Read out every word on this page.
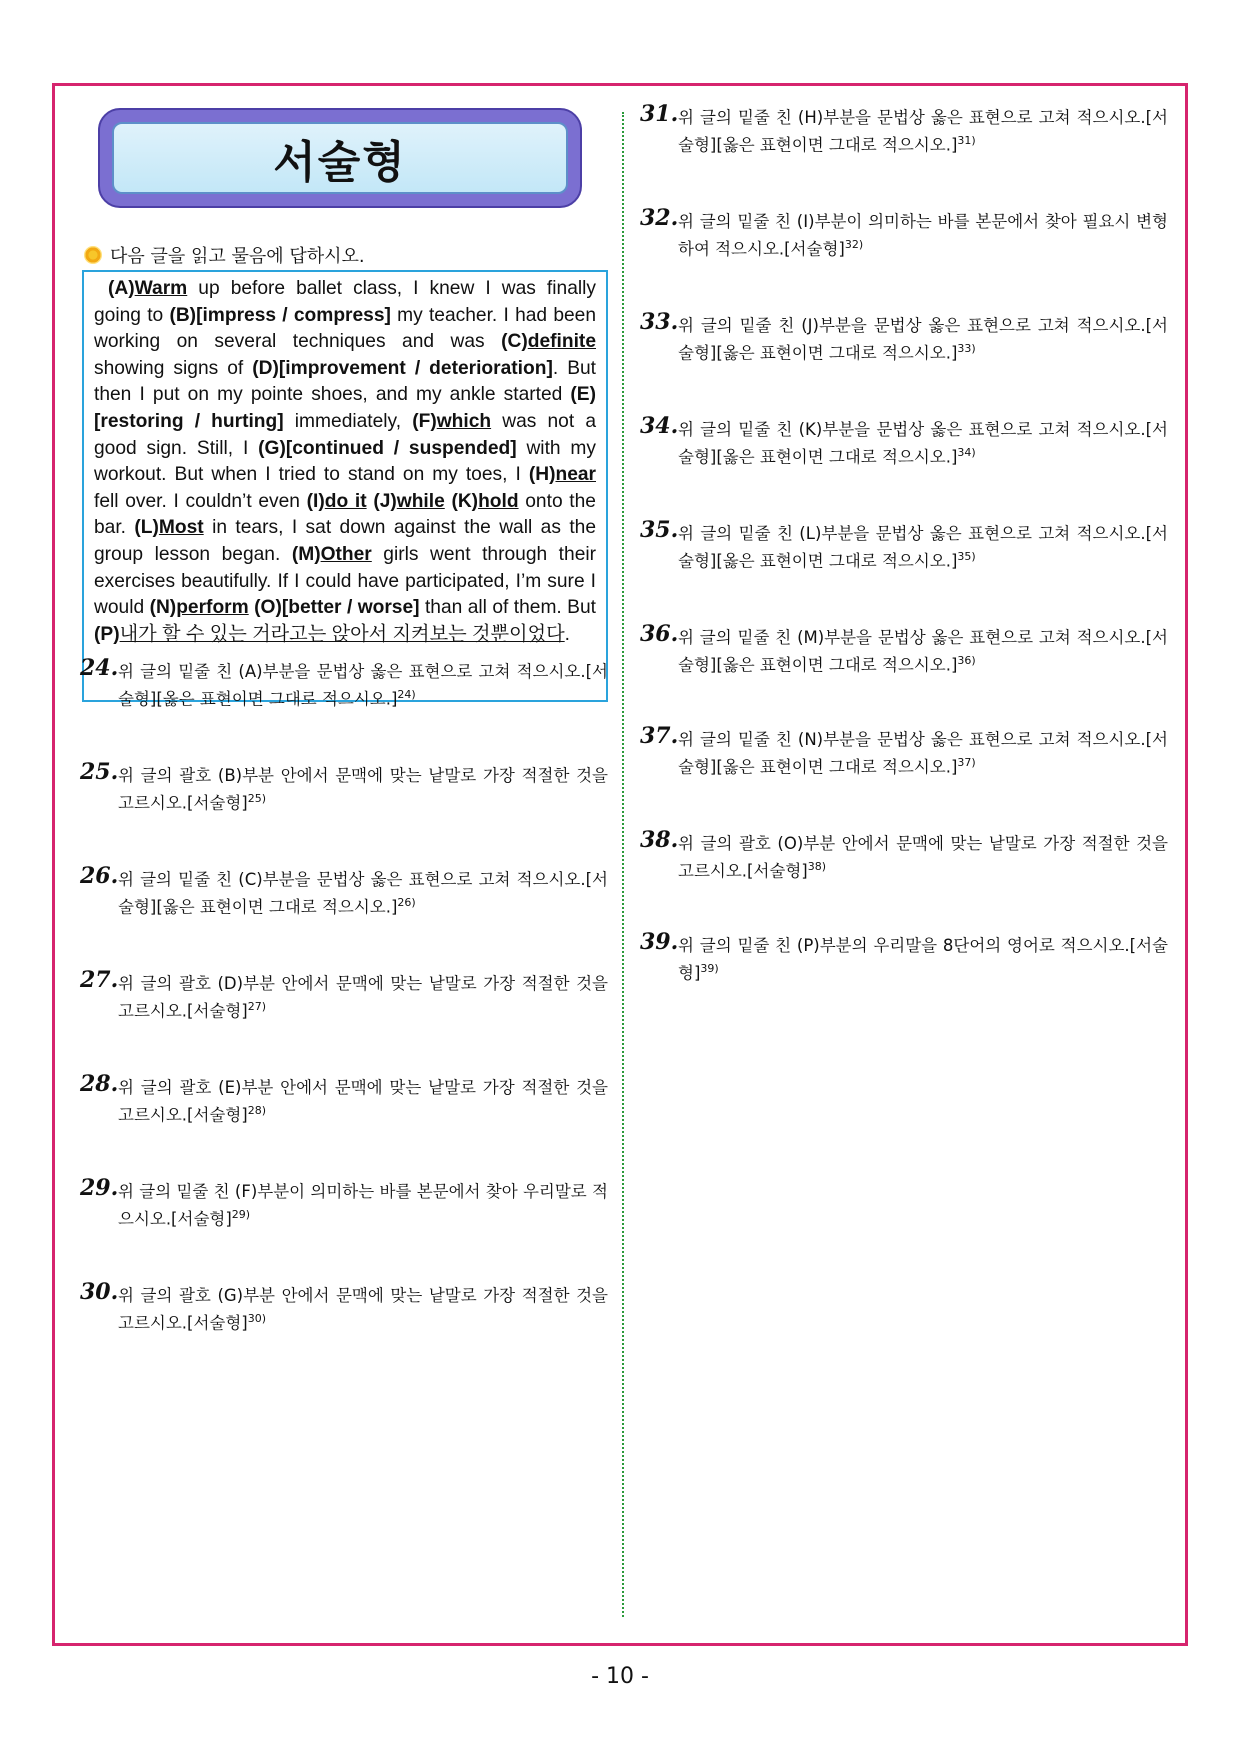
서술형
다음 글을 읽고 물음에 답하시오.
(A)Warm up before ballet class, I knew I was finally going to (B)[impress / compress] my teacher. I had been working on several techniques and was (C)definite showing signs of (D)[improvement / deterioration]. But then I put on my pointe shoes, and my ankle started (E)[restoring / hurting] immediately, (F)which was not a good sign. Still, I (G)[continued / suspended] with my workout. But when I tried to stand on my toes, I (H)near fell over. I couldn’t even (I)do it (J)while (K)hold onto the bar. (L)Most in tears, I sat down against the wall as the group lesson began. (M)Other girls went through their exercises beautifully. If I could have participated, I’m sure I would (N)perform (O)[better / worse] than all of them. But (P)내가 할 수 있는 거라고는 앉아서 지켜보는 것뿐이었다.
24. 위 글의 밑줄 친 (A)부분을 문법상 옳은 표현으로 고쳐 적으시오.[서술형][옳은 표현이면 그대로 적으시오.]$^{24)}$
25. 위 글의 괄호 (B)부분 안에서 문맥에 맞는 낱말로 가장 적절한 것을 고르시오.[서술형]$^{25)}$
26. 위 글의 밑줄 친 (C)부분을 문법상 옳은 표현으로 고쳐 적으시오.[서술형][옳은 표현이면 그대로 적으시오.]$^{26)}$
27. 위 글의 괄호 (D)부분 안에서 문맥에 맞는 낱말로 가장 적절한 것을 고르시오.[서술형]$^{27)}$
28. 위 글의 괄호 (E)부분 안에서 문맥에 맞는 낱말로 가장 적절한 것을 고르시오.[서술형]$^{28)}$
29. 위 글의 밑줄 친 (F)부분이 의미하는 바를 본문에서 찾아 우리말로 적으시오.[서술형]$^{29)}$
30. 위 글의 괄호 (G)부분 안에서 문맥에 맞는 낱말로 가장 적절한 것을 고르시오.[서술형]$^{30)}$
31. 위 글의 밑줄 친 (H)부분을 문법상 옳은 표현으로 고쳐 적으시오.[서술형][옳은 표현이면 그대로 적으시오.]$^{31)}$
32. 위 글의 밑줄 친 (I)부분이 의미하는 바를 본문에서 찾아 필요시 변형하여 적으시오.[서술형]$^{32)}$
33. 위 글의 밑줄 친 (J)부분을 문법상 옳은 표현으로 고쳐 적으시오.[서술형][옳은 표현이면 그대로 적으시오.]$^{33)}$
34. 위 글의 밑줄 친 (K)부분을 문법상 옳은 표현으로 고쳐 적으시오.[서술형][옳은 표현이면 그대로 적으시오.]$^{34)}$
35. 위 글의 밑줄 친 (L)부분을 문법상 옳은 표현으로 고쳐 적으시오.[서술형][옳은 표현이면 그대로 적으시오.]$^{35)}$
36. 위 글의 밑줄 친 (M)부분을 문법상 옳은 표현으로 고쳐 적으시오.[서술형][옳은 표현이면 그대로 적으시오.]$^{36)}$
37. 위 글의 밑줄 친 (N)부분을 문법상 옳은 표현으로 고쳐 적으시오.[서술형][옳은 표현이면 그대로 적으시오.]$^{37)}$
38. 위 글의 괄호 (O)부분 안에서 문맥에 맞는 낱말로 가장 적절한 것을 고르시오.[서술형]$^{38)}$
39. 위 글의 밑줄 친 (P)부분의 우리말을 8단어의 영어로 적으시오.[서술형]$^{39)}$
- 10 -
